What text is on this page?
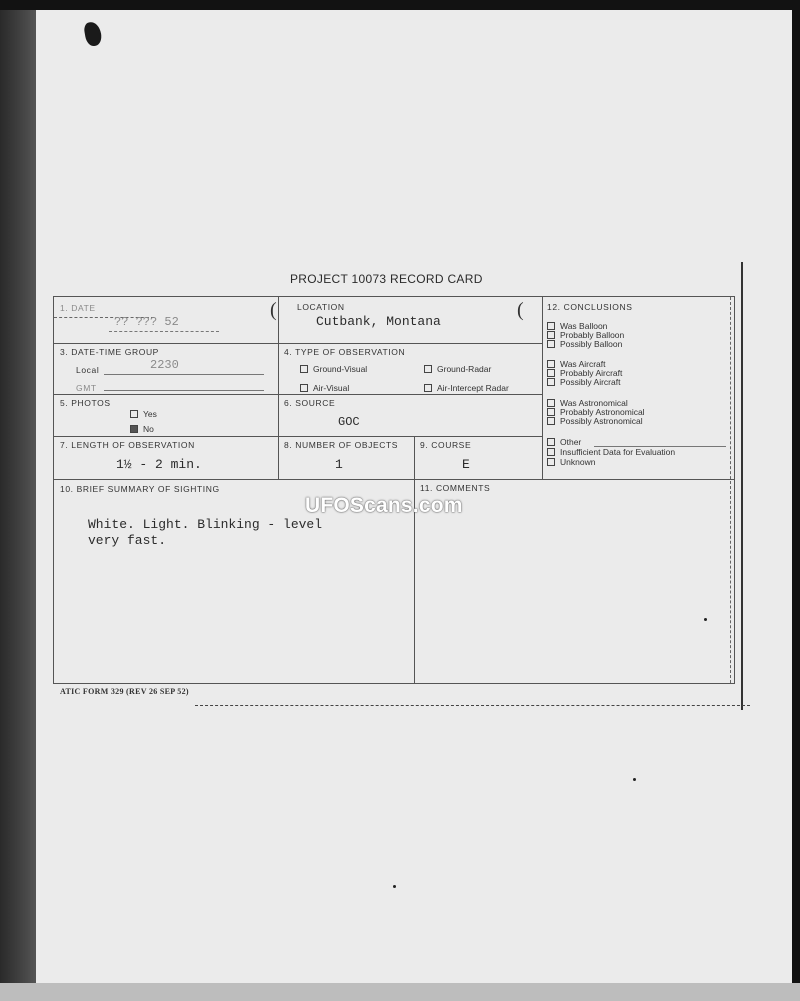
PROJECT 10073 RECORD CARD
1. DATE
?? ??? 52
( LOCATION
Cutbank, Montana
(
3. DATE-TIME GROUP
Local	2230
GMT
4. TYPE OF OBSERVATION
Ground-Visual	Ground-Radar
Air-Visual	Air-Intercept Radar
5. PHOTOS
Yes
No
6. SOURCE
GOC
7. LENGTH OF OBSERVATION
1½ - 2 min.
8. NUMBER OF OBJECTS
1
9. COURSE
E
12. CONCLUSIONS
Was Balloon
Probably Balloon
Possibly Balloon
Was Aircraft
Probably Aircraft
Possibly Aircraft
Was Astronomical
Probably Astronomical
Possibly Astronomical
Other
Insufficient Data for Evaluation
Unknown
10. BRIEF SUMMARY OF SIGHTING
White. Light. Blinking - level
very fast.
11. COMMENTS
ATIC FORM 329 (REV 26 SEP 52)
UFOScans.com
